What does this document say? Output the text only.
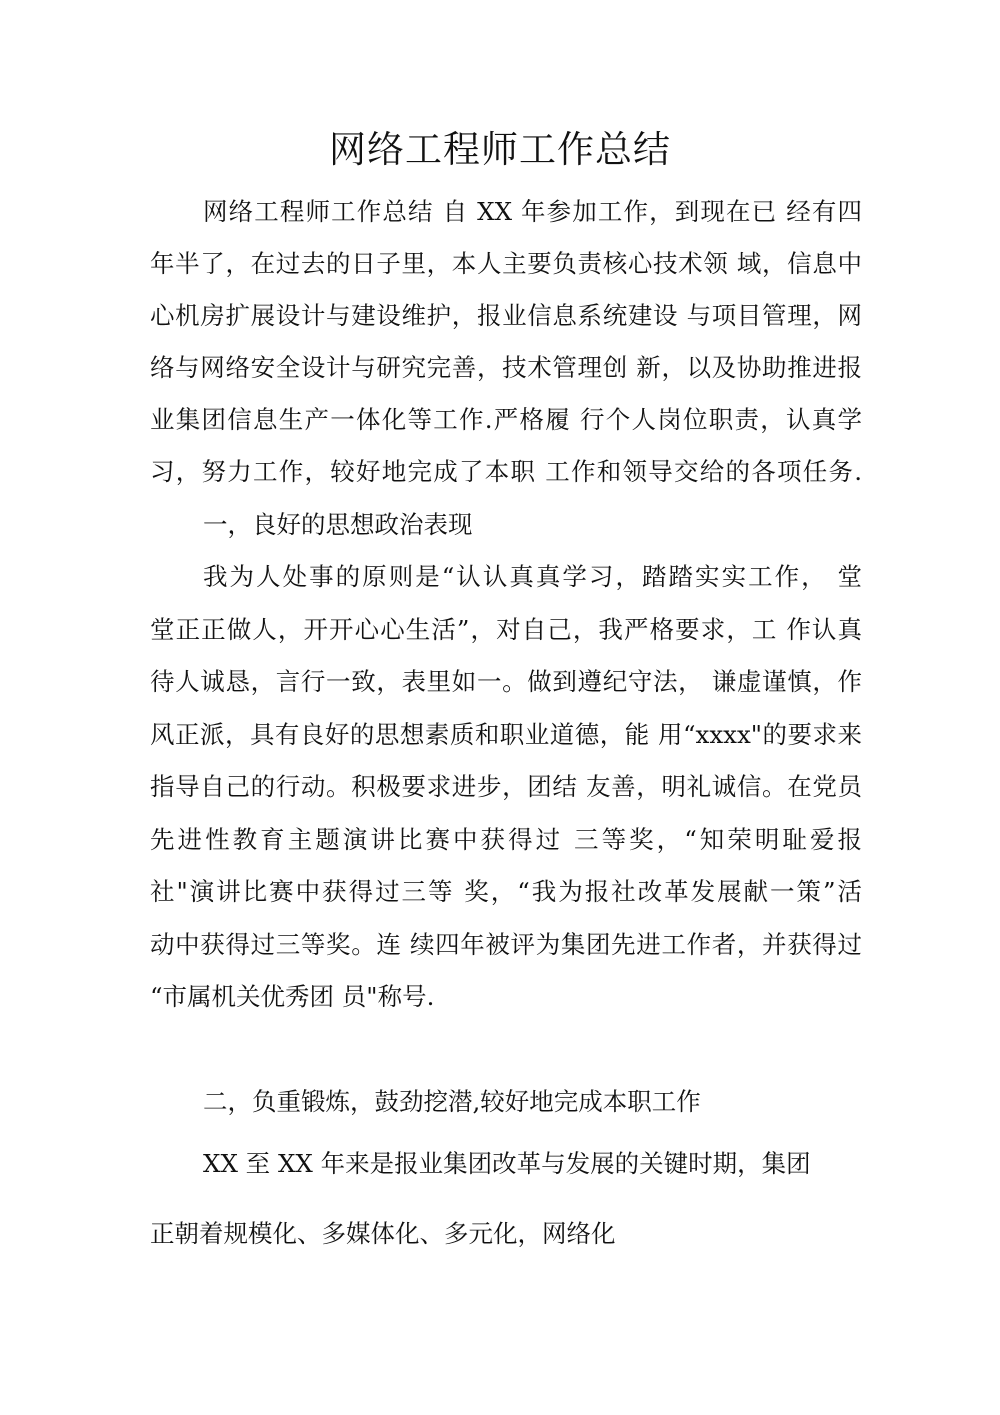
网络工程师工作总结
网络工程师工作总结 自 XX 年参加工作，到现在已 经有四
年半了，在过去的日子里，本人主要负责核心技术领 域，信息中
心机房扩展设计与建设维护，报业信息系统建设 与项目管理，网
络与网络安全设计与研究完善，技术管理创 新，以及协助推进报
业集团信息生产一体化等工作.严格履 行个人岗位职责，认真学
习，努力工作，较好地完成了本职 工作和领导交给的各项任务.
一，良好的思想政治表现
我为人处事的原则是“认认真真学习，踏踏实实工作， 堂
堂正正做人，开开心心生活”，对自己，我严格要求，工 作认真
待人诚恳，言行一致，表里如一。做到遵纪守法， 谦虚谨慎，作
风正派，具有良好的思想素质和职业道德，能 用“xxxx"的要求来
指导自己的行动。积极要求进步，团结 友善，明礼诚信。在党员
先进性教育主题演讲比赛中获得过 三等奖，“知荣明耻爱报
社"演讲比赛中获得过三等 奖，“我为报社改革发展献一策”活
动中获得过三等奖。连 续四年被评为集团先进工作者，并获得过
“市属机关优秀团 员"称号.
二，负重锻炼，鼓劲挖潜,较好地完成本职工作
XX 至 XX 年来是报业集团改革与发展的关键时期，集团
正朝着规模化、多媒体化、多元化，网络化
